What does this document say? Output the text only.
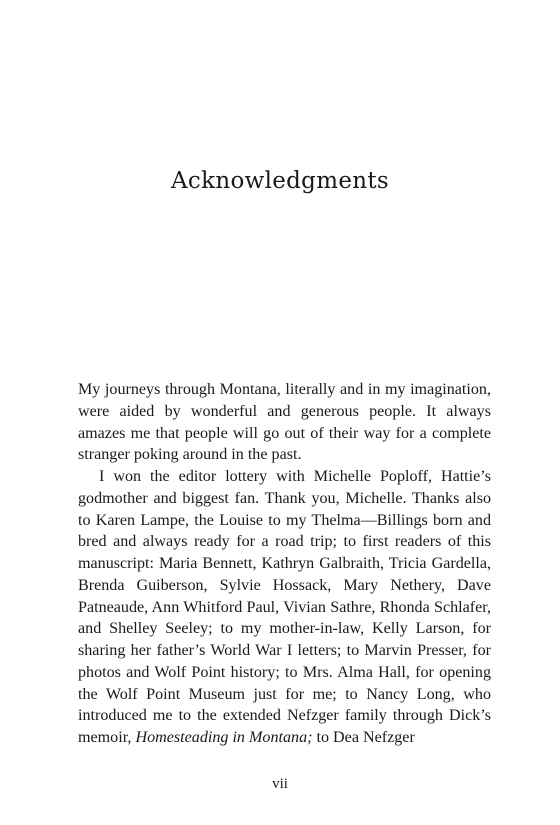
Acknowledgments

My journeys through Montana, literally and in my imagination, were aided by wonderful and generous people. It always amazes me that people will go out of their way for a complete stranger poking around in the past.

I won the editor lottery with Michelle Poploff, Hattie’s godmother and biggest fan. Thank you, Michelle. Thanks also to Karen Lampe, the Louise to my Thelma—Billings born and bred and always ready for a road trip; to first readers of this manuscript: Maria Bennett, Kathryn Galbraith, Tricia Gardella, Brenda Guiberson, Sylvie Hossack, Mary Nethery, Dave Patneaude, Ann Whitford Paul, Vivian Sathre, Rhonda Schlafer, and Shelley Seeley; to my mother-in-law, Kelly Larson, for sharing her father’s World War I letters; to Marvin Presser, for photos and Wolf Point history; to Mrs. Alma Hall, for opening the Wolf Point Museum just for me; to Nancy Long, who introduced me to the extended Nefzger family through Dick’s memoir, Homesteading in Montana; to Dea Nefzger

vii
